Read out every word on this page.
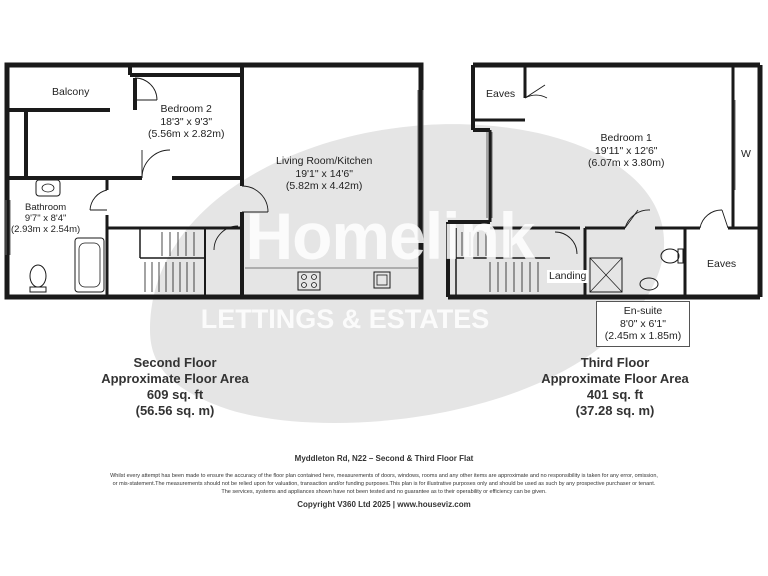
Homelink
LETTINGS & ESTATES
Balcony
Bedroom 2
18'3" x 9'3"
(5.56m x 2.82m)
Living Room/Kitchen
19'1" x 14'6"
(5.82m x 4.42m)
Bathroom
9'7" x 8'4"
(2.93m x 2.54m)
Eaves
Bedroom 1
19'11" x 12'6"
(6.07m x 3.80m)
W
Landing
Eaves
En-suite
8'0" x 6'1"
(2.45m x 1.85m)
Second Floor
Approximate Floor Area
609 sq. ft
(56.56 sq. m)
Third Floor
Approximate Floor Area
401 sq. ft
(37.28 sq. m)
Myddleton Rd, N22 – Second & Third Floor Flat
Whilst every attempt has been made to ensure the accuracy of the floor plan contained here, measurements of doors, windows, rooms and any other items are approximate and no responsibility is taken for any error, omission,
or mis-statement.The measurements should not be relied upon for valuation, transaction and/or funding purposes.This plan is for illustrative purposes only and should be used as such by any prospective purchaser or tenant.
The services, systems and appliances shown have not been tested and no guarantee as to their operability or efficiency can be given.
Copyright V360 Ltd 2025 | www.houseviz.com
